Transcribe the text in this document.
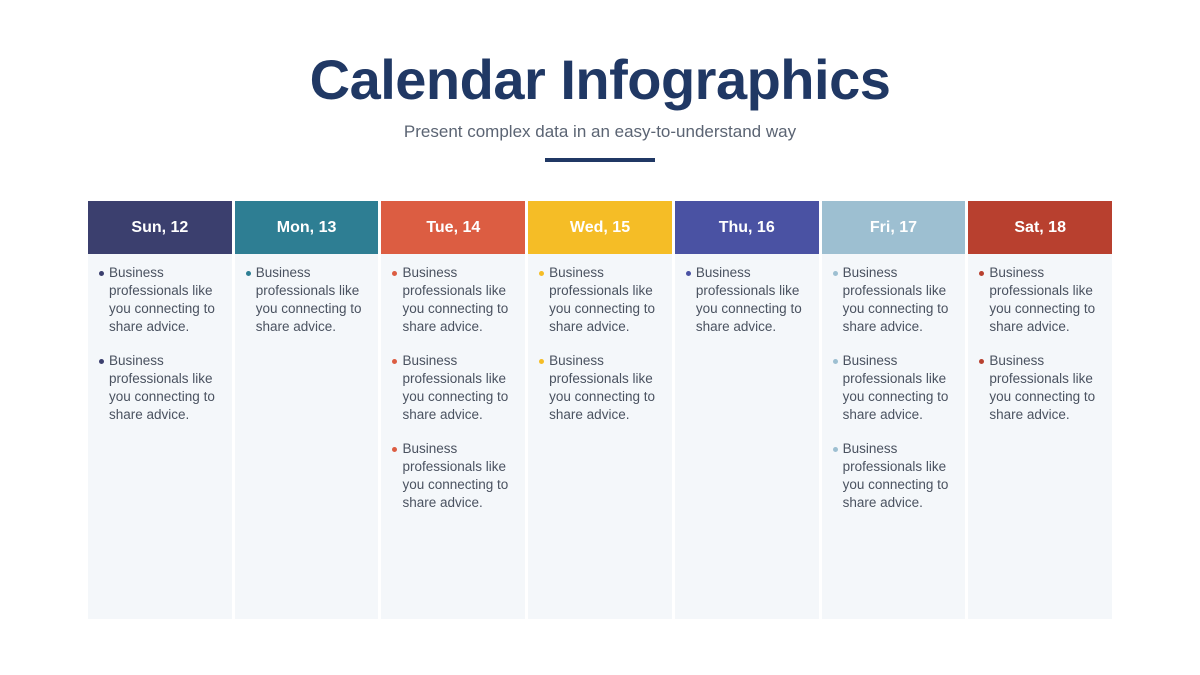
Calendar Infographics

Present complex data in an easy-to-understand way

Sun, 12
Business professionals like you connecting to share advice.
Business professionals like you connecting to share advice.
Mon, 13
Business professionals like you connecting to share advice.
Tue, 14
Business professionals like you connecting to share advice.
Business professionals like you connecting to share advice.
Business professionals like you connecting to share advice.
Wed, 15
Business professionals like you connecting to share advice.
Business professionals like you connecting to share advice.
Thu, 16
Business professionals like you connecting to share advice.
Fri, 17
Business professionals like you connecting to share advice.
Business professionals like you connecting to share advice.
Business professionals like you connecting to share advice.
Sat, 18
Business professionals like you connecting to share advice.
Business professionals like you connecting to share advice.
